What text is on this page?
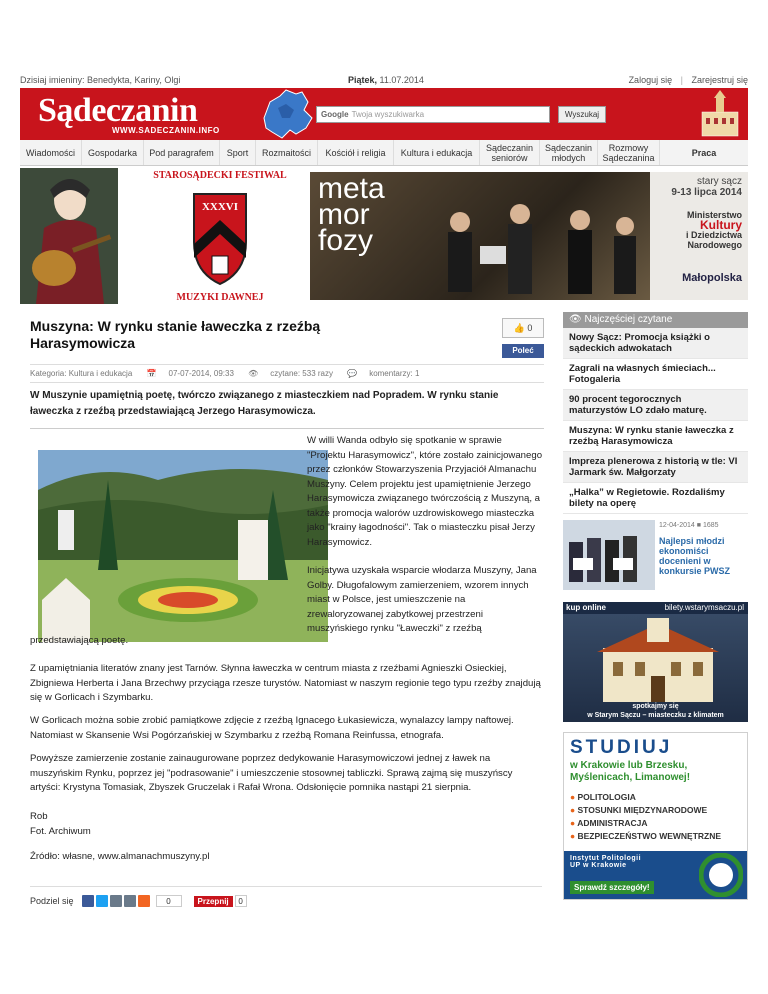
Dzisiaj imieniny: Benedykta, Kariny, Olgi	Piątek, 11.07.2014	Zaloguj się | Zarejestruj się
Sądeczanin
WWW.SADECZANIN.INFO
Google Twoja wyszukiwarka	Wyszukaj
Wiadomości	Gospodarka	Pod paragrafem	Sport	Rozmaitości	Kościół i religia	Kultura i edukacja	Sądeczanin seniorów
Sądeczanin młodych
Rozmowy Sądeczanina	Praca
XXXVI
STAROSĄDECKI FESTIWAL
MUZYKI DAWNEJ
meta mor fozy
stary sącz
9-13 lipca 2014
Ministerstwo
Kultury
i Dziedzictwa
Narodowego
Małopolska
Muszyna: W rynku stanie ławeczka z rzeźbą Harasymowicza
👍 0
Poleć
Kategoria: Kultura i edukacja 📅 07-07-2014, 09:33 👁 czytane: 533 razy 💬 komentarzy: 1
W Muszynie upamiętnią poetę, twórczo związanego z miasteczkiem nad Popradem. W rynku stanie ławeczka z rzeźbą przedstawiającą Jerzego Harasymowicza.
W willi Wanda odbyło się spotkanie w sprawie "Projektu Harasymowicz", które zostało zainicjowanego przez członków Stowarzyszenia Przyjaciół Almanachu Muszyny. Celem projektu jest upamiętnienie Jerzego Harasymowicza związanego twórczością z Muszyną, a także promocja walorów uzdrowiskowego miasteczka jako "krainy łagodności". Tak o miasteczku pisał Jerzy Harasymowicz.
Inicjatywa uzyskała wsparcie włodarza Muszyny, Jana Golby. Długofalowym zamierzeniem, wzorem innych miast w Polsce, jest umieszczenie na zrewaloryzowanej zabytkowej przestrzeni muszyńskiego rynku "Ławeczki" z rzeźbą
przedstawiającą poetę.
Z upamiętniania literatów znany jest Tarnów. Słynna ławeczka w centrum miasta z rzeźbami Agnieszki Osieckiej, Zbigniewa Herberta i Jana Brzechwy przyciąga rzesze turystów. Natomiast w naszym regionie tego typu rzeźby znajdują się w Gorlicach i Szymbarku.
W Gorlicach można sobie zrobić pamiątkowe zdjęcie z rzeźbą Ignacego Łukasiewicza, wynalazcy lampy naftowej. Natomiast w Skansenie Wsi Pogórzańskiej w Szymbarku z rzeźbą Romana Reinfussa, etnografa.
Powyższe zamierzenie zostanie zainaugurowane poprzez dedykowanie Harasymowiczowi jednej z ławek na muszyńskim Rynku, poprzez jej "podrasowanie" i umieszczenie stosownej tabliczki. Sprawą zajmą się muszyńscy artyści: Krystyna Tomasiak, Zbyszek Gruczelak i Rafał Wrona. Odsłonięcie pomnika nastąpi 21 sierpnia.
Rob
Fot. Archiwum
Źródło: własne, www.almanachmuszyny.pl
Podziel się	0	Przepnij	0
👁 Najczęściej czytane
Nowy Sącz: Promocja książki o sądeckich adwokatach
Zagrali na własnych śmieciach... Fotogaleria
90 procent tegorocznych maturzystów LO zdało maturę.
Muszyna: W rynku stanie ławeczka z rzeźbą Harasymowicza
Impreza plenerowa z historią w tle: VI Jarmark św. Małgorzaty
„Halka” w Regietowie. Rozdaliśmy bilety na operę
12-04-2014 ■ 1685
Najlepsi młodzi ekonomiści docenieni w konkursie PWSZ
kup online	bilety.wstarymsaczu.pl
spotkajmy się
w Starym Sączu – miasteczku z klimatem
STUDIUJ
w Krakowie lub Brzesku,
Myślenicach, Limanowej!
● POLITOLOGIA
● STOSUNKI MIĘDZYNARODOWE
● ADMINISTRACJA
● BEZPIECZEŃSTWO WEWNĘTRZNE
Instytut Politologii
UP w Krakowie
Sprawdź szczegóły!
